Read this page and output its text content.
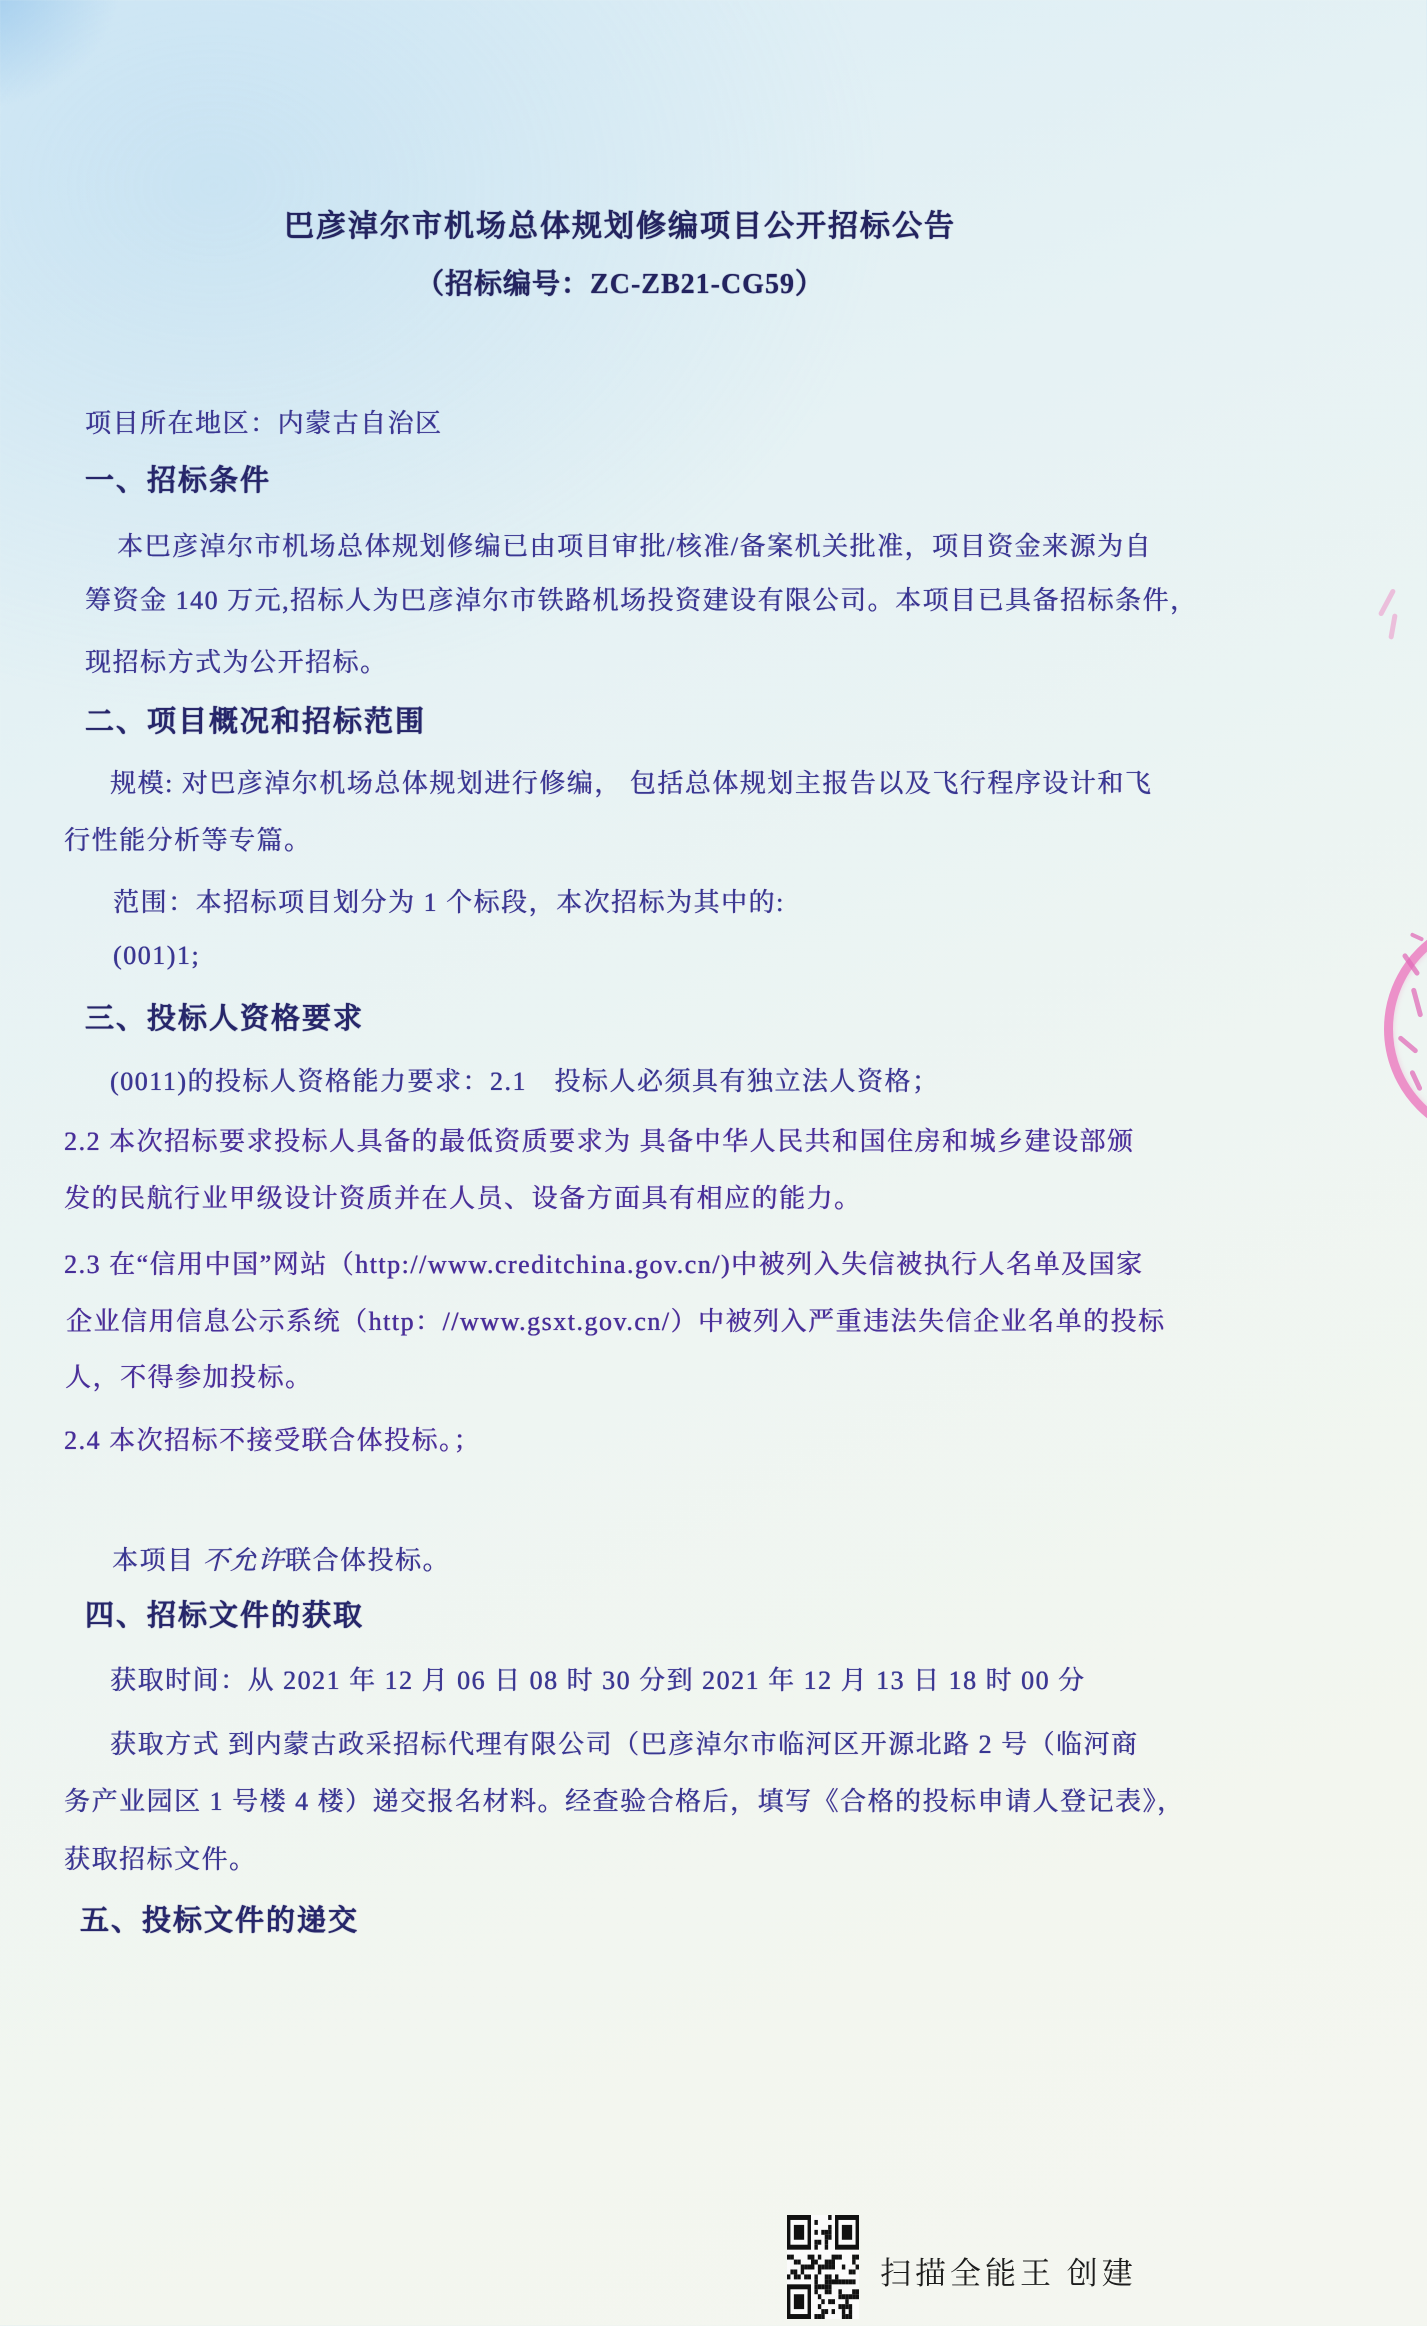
巴彦淖尔市机场总体规划修编项目公开招标公告
（招标编号：ZC-ZB21-CG59）
项目所在地区：内蒙古自治区
一、招标条件
本巴彦淖尔市机场总体规划修编已由项目审批/核准/备案机关批准，项目资金来源为自
筹资金 140 万元,招标人为巴彦淖尔市铁路机场投资建设有限公司。本项目已具备招标条件，
现招标方式为公开招标。
二、项目概况和招标范围
规模: 对巴彦淖尔机场总体规划进行修编， 包括总体规划主报告以及飞行程序设计和飞
行性能分析等专篇。
范围：本招标项目划分为 1 个标段，本次招标为其中的:
(001)1;
三、投标人资格要求
(0011)的投标人资格能力要求：2.1　投标人必须具有独立法人资格；
2.2 本次招标要求投标人具备的最低资质要求为 具备中华人民共和国住房和城乡建设部颁
发的民航行业甲级设计资质并在人员、设备方面具有相应的能力。
2.3 在“信用中国”网站（http://www.creditchina.gov.cn/)中被列入失信被执行人名单及国家
企业信用信息公示系统（http：//www.gsxt.gov.cn/）中被列入严重违法失信企业名单的投标
人，不得参加投标。
2.4 本次招标不接受联合体投标。；
本项目 不允许联合体投标。
四、招标文件的获取
获取时间：从 2021 年 12 月 06 日 08 时 30 分到 2021 年 12 月 13 日 18 时 00 分
获取方式 到内蒙古政采招标代理有限公司（巴彦淖尔市临河区开源北路 2 号（临河商
务产业园区 1 号楼 4 楼）递交报名材料。经查验合格后，填写《合格的投标申请人登记表》，
获取招标文件。
五、投标文件的递交
扫描全能王 创建
